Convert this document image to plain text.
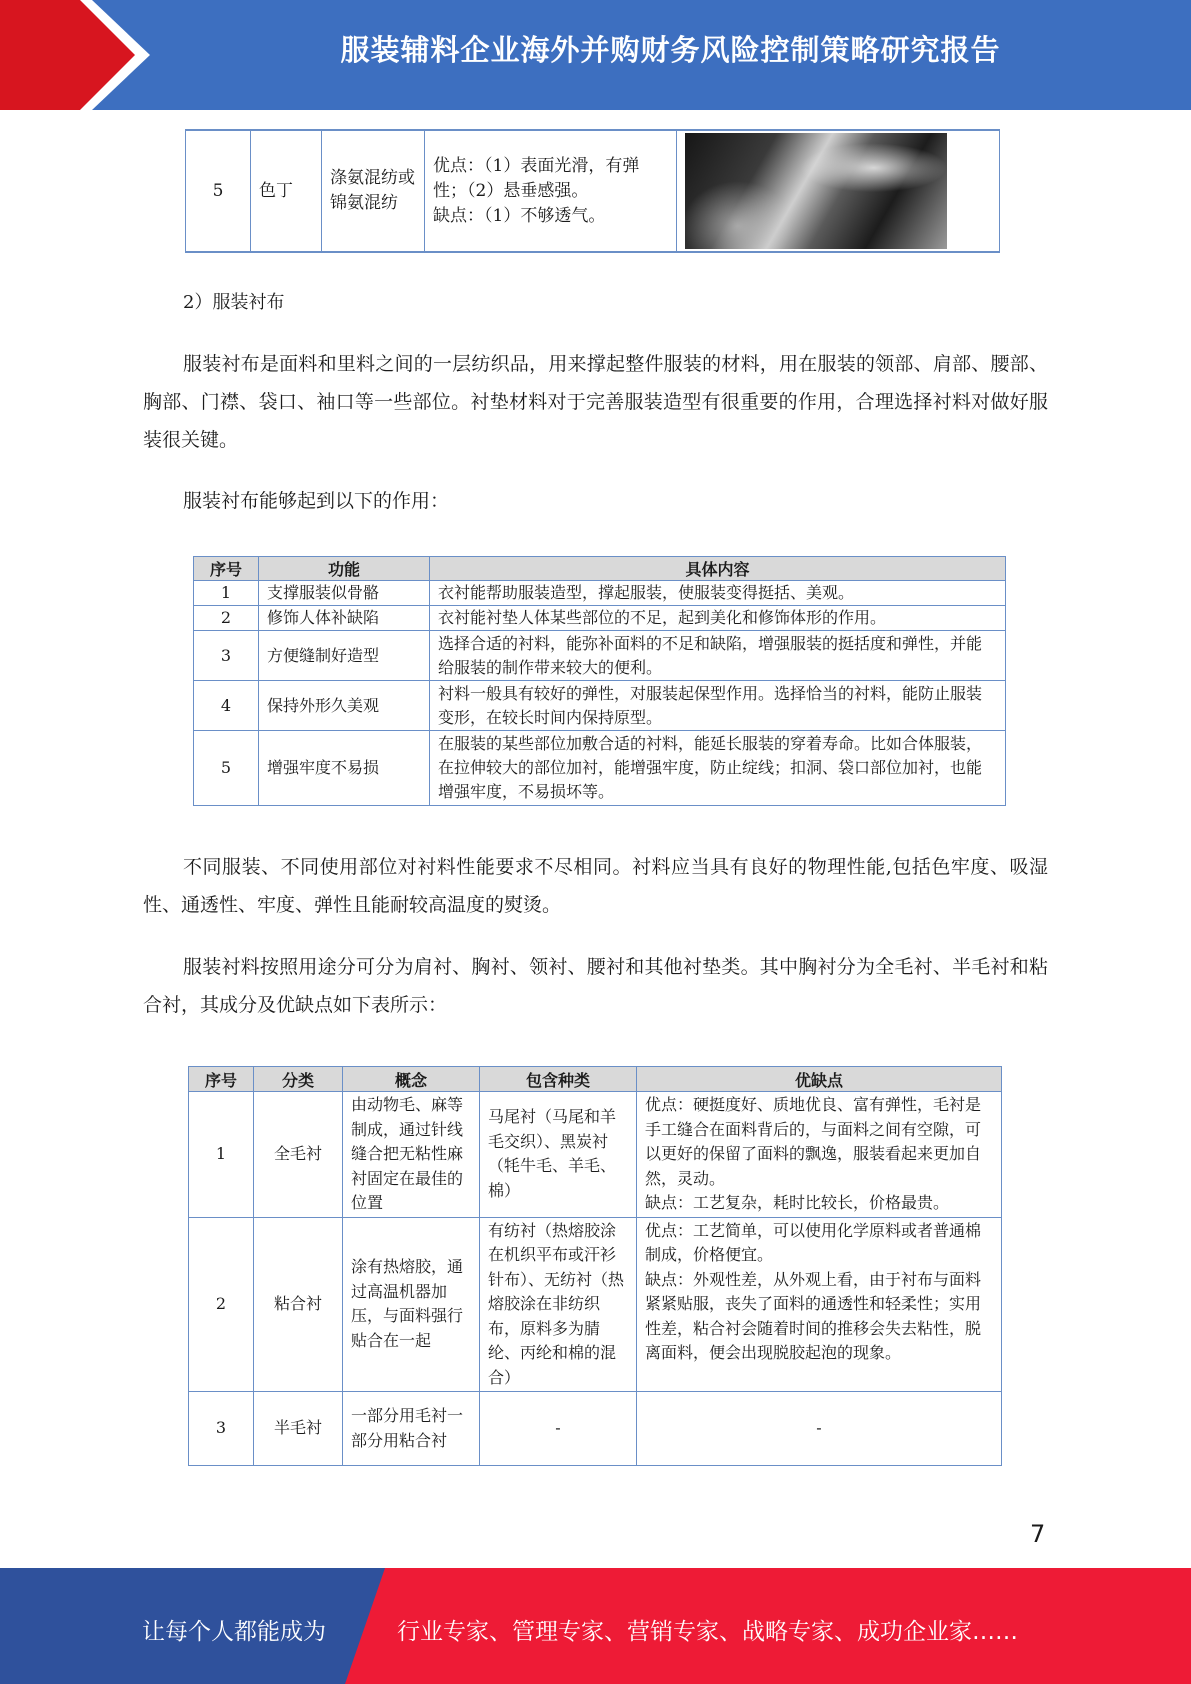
服装辅料企业海外并购财务风险控制策略研究报告
5	色丁	涤氨混纺或锦氨混纺	
优点：（1）表面光滑，有弹性；（2）悬垂感强。
缺点：（1）不够透气。

2）服装衬布

服装衬布是面料和里料之间的一层纺织品，用来撑起整件服装的材料，用在服装的领部、肩部、腰部、胸部、门襟、袋口、袖口等一些部位。衬垫材料对于完善服装造型有很重要的作用，合理选择衬料对做好服装很关键。

服装衬布能够起到以下的作用：

序号	功能	具体内容
1	支撑服装似骨骼	衣衬能帮助服装造型，撑起服装，使服装变得挺括、美观。
2	修饰人体补缺陷	衣衬能衬垫人体某些部位的不足，起到美化和修饰体形的作用。
3	方便缝制好造型	选择合适的衬料，能弥补面料的不足和缺陷，增强服装的挺括度和弹性，并能给服装的制作带来较大的便利。
4	保持外形久美观	衬料一般具有较好的弹性，对服装起保型作用。选择恰当的衬料，能防止服装变形，在较长时间内保持原型。
5	增强牢度不易损	在服装的某些部位加敷合适的衬料，能延长服装的穿着寿命。比如合体服装，在拉伸较大的部位加衬，能增强牢度，防止绽线；扣洞、袋口部位加衬，也能增强牢度，不易损坏等。

不同服装、不同使用部位对衬料性能要求不尽相同。衬料应当具有良好的物理性能,包括色牢度、吸湿性、通透性、牢度、弹性且能耐较高温度的熨烫。

服装衬料按照用途分可分为肩衬、胸衬、领衬、腰衬和其他衬垫类。其中胸衬分为全毛衬、半毛衬和粘合衬，其成分及优缺点如下表所示：

序号	分类	概念	包含种类	优缺点
1	全毛衬	由动物毛、麻等制成，通过针线缝合把无粘性麻衬固定在最佳的位置	马尾衬（马尾和羊毛交织）、黑炭衬（牦牛毛、羊毛、棉）	优点：硬挺度好、质地优良、富有弹性，毛衬是手工缝合在面料背后的，与面料之间有空隙，可以更好的保留了面料的飘逸，服装看起来更加自然，灵动。
缺点：工艺复杂，耗时比较长，价格最贵。

2	粘合衬	涂有热熔胶，通过高温机器加压，与面料强行贴合在一起	有纺衬（热熔胶涂在机织平布或汗衫针布）、无纺衬（热熔胶涂在非纺织布，原料多为腈纶、丙纶和棉的混合）	优点：工艺简单，可以使用化学原料或者普通棉制成，价格便宜。
缺点：外观性差，从外观上看，由于衬布与面料紧紧贴服，丧失了面料的通透性和轻柔性；实用性差，粘合衬会随着时间的推移会失去粘性，脱离面料，便会出现脱胶起泡的现象。

3	半毛衬	一部分用毛衬一部分用粘合衬	-	-
7
让每个人都能成为	行业专家、管理专家、营销专家、战略专家、成功企业家……
